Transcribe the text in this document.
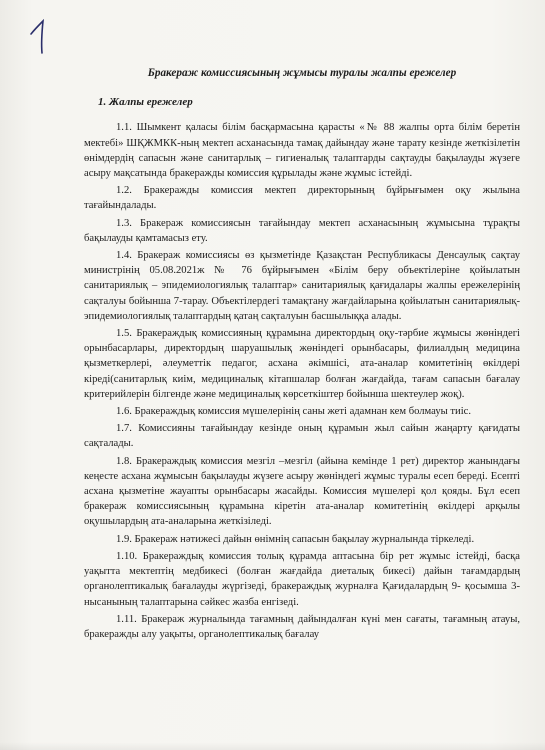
Бракераж комиссиясының жұмысы туралы жалпы ережелер
1. Жалпы ережелер

1.1. Шымкент қаласы білім басқармасына қарасты «№ 88 жалпы орта білім беретін мектебі» ШҚЖМКК-ның мектеп асханасында тамақ дайындау және тарату кезінде жеткізілетін өнімдердің сапасын және санитарлық – гигиеналық талаптарды сақтауды бақылауды жүзеге асыру мақсатында бракеражды комиссия құрылады және жұмыс істейді.

1.2. Бракеражды комиссия мектеп директорының бұйрығымен оқу жылына тағайындалады.

1.3. Бракераж комиссиясын тағайындау мектеп асханасының жұмысына тұрақты бақылауды қамтамасыз ету.

1.4. Бракераж комиссиясы өз қызметінде Қазақстан Республикасы Денсаулық сақтау министрінің 05.08.2021ж № 76 бұйрығымен «Білім беру объектілеріне қойылатын санитариялық – эпидемиологиялық талаптар» санитариялық қағидалары жалпы ережелерінің сақталуы бойынша 7-тарау. Объектілердегі тамақтану жағдайларына қойылатын санитариялық-эпидемиологиялық талаптардың қатаң сақталуын басшылыққа алады.

1.5. Бракераждық комиссияның құрамына директордың оқу-тәрбие жұмысы жөніндегі орынбасарлары, директордың шаруашылық жөніндегі орынбасары, филиалдың медицина қызметкерлері, әлеуметтік педагог, асхана әкімшісі, ата-аналар комитетінің өкілдері кіреді(санитарлық киім, медициналық кітапшалар болған жағдайда, тағам сапасын бағалау критерийлерін білгенде және медициналық көрсеткіштер бойынша шектеулер жоқ).

1.6. Бракераждық комиссия мүшелерінің саны жеті адамнан кем болмауы тиіс.

1.7. Комиссияны тағайындау кезінде оның құрамын жыл сайын жаңарту қағидаты сақталады.

1.8. Бракераждық комиссия мезгіл –мезгіл (айына кемінде 1 рет) директор жанындағы кеңесте асхана жұмысын бақылауды жүзеге асыру жөніндегі жұмыс туралы есеп береді. Есепті асхана қызметіне жауапты орынбасары жасайды. Комиссия мүшелері қол қояды. Бұл есеп бракераж комиссиясының құрамына кіретін ата-аналар комитетінің өкілдері арқылы оқушылардың ата-аналарына жеткізіледі.

1.9. Бракераж нәтижесі дайын өнімнің сапасын бақылау журналында тіркеледі.

1.10. Бракераждық комиссия толық құрамда аптасына бір рет жұмыс істейді, басқа уақытта мектептің медбикесі (болған жағдайда диеталық бикесі) дайын тағамдардың органолептикалық бағалауды жүргізеді, бракераждық журналға Қағидалардың 9- қосымша 3-нысанының талаптарына сәйкес жазба енгізеді.

1.11. Бракераж журналында тағамның дайындалған күні мен сағаты, тағамның атауы, бракеражды алу уақыты, органолептикалық бағалау
